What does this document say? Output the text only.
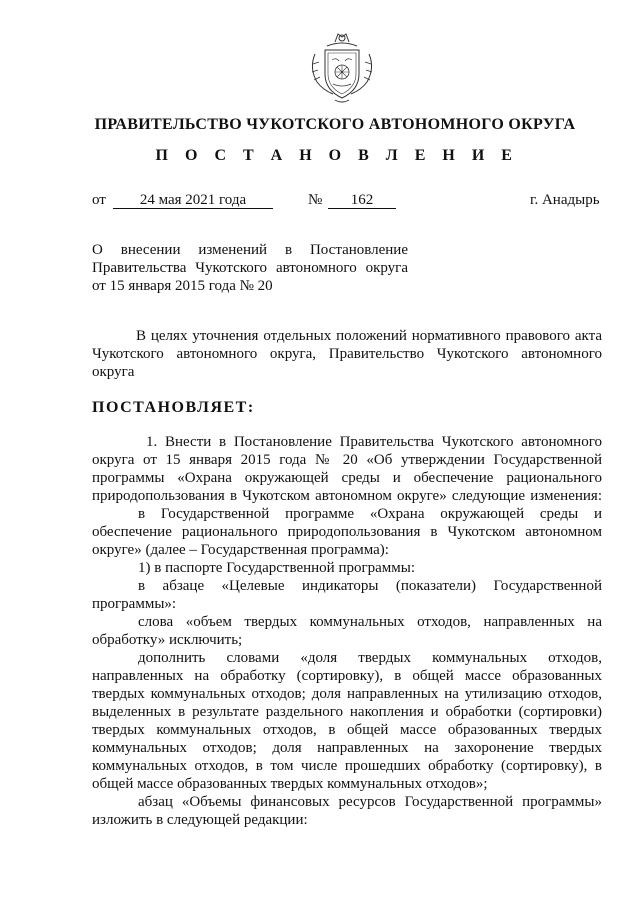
ПРАВИТЕЛЬСТВО ЧУКОТСКОГО АВТОНОМНОГО ОКРУГА
П О С Т А Н О В Л Е Н И Е
от	24 мая 2021 года	№	162	г. Анадырь
О внесении изменений в Постановление
Правительства Чукотского автономного округа
от 15 января 2015 года № 20
В целях уточнения отдельных положений нормативного правового акта
Чукотского автономного округа, Правительство Чукотского автономного
округа
ПОСТАНОВЛЯЕТ:
1. Внести в Постановление Правительства Чукотского автономного
округа от 15 января 2015 года № 20 «Об утверждении Государственной
программы «Охрана окружающей среды и обеспечение рационального
природопользования в Чукотском автономном округе» следующие изменения:
в Государственной программе «Охрана окружающей среды и
обеспечение рационального природопользования в Чукотском автономном
округе» (далее – Государственная программа):
1) в паспорте Государственной программы:
в абзаце «Целевые индикаторы (показатели) Государственной
программы»:
слова «объем твердых коммунальных отходов, направленных на
обработку» исключить;
дополнить словами «доля твердых коммунальных отходов,
направленных на обработку (сортировку), в общей массе образованных
твердых коммунальных отходов; доля направленных на утилизацию отходов,
выделенных в результате раздельного накопления и обработки (сортировки)
твердых коммунальных отходов, в общей массе образованных твердых
коммунальных отходов; доля направленных на захоронение твердых
коммунальных отходов, в том числе прошедших обработку (сортировку), в
общей массе образованных твердых коммунальных отходов»;
абзац «Объемы финансовых ресурсов Государственной программы»
изложить в следующей редакции:
